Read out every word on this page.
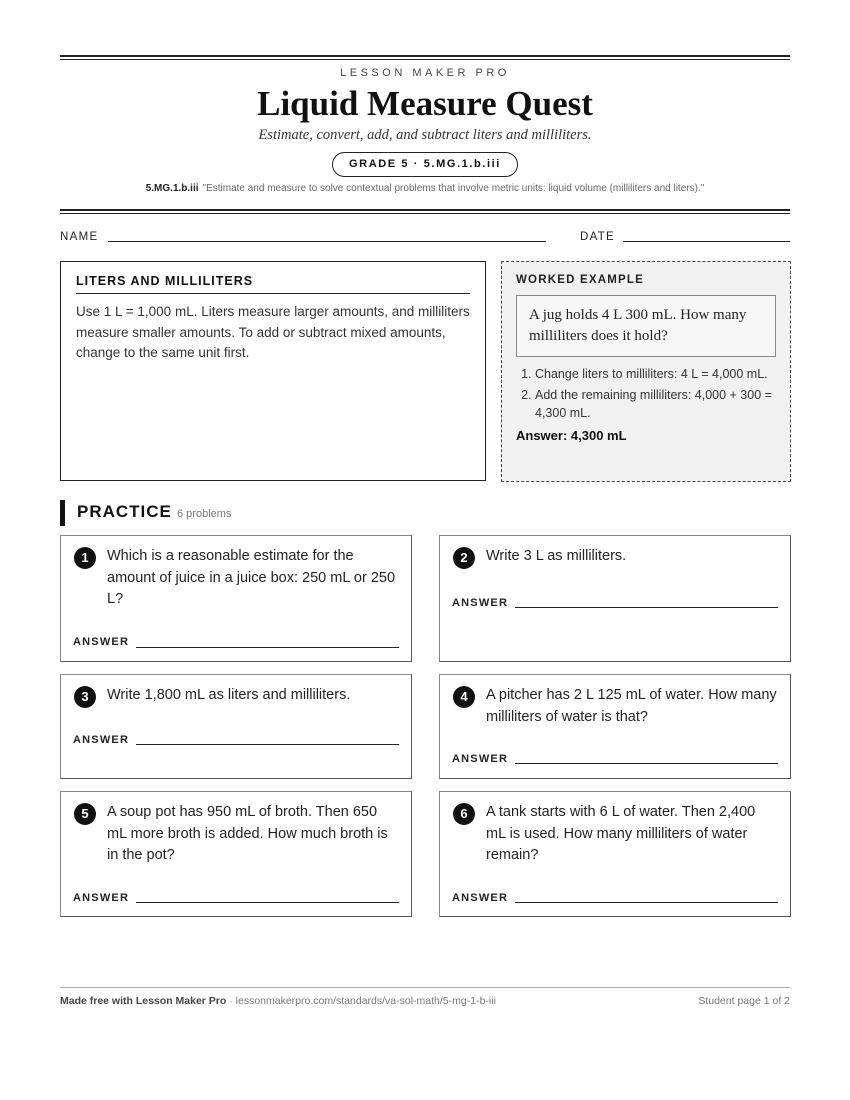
LESSON MAKER PRO
Liquid Measure Quest
Estimate, convert, add, and subtract liters and milliliters.
GRADE 5 · 5.MG.1.b.iii
5.MG.1.b.iii "Estimate and measure to solve contextual problems that involve metric units: liquid volume (milliliters and liters)."
NAME	DATE
LITERS AND MILLILITERS

Use 1 L = 1,000 mL. Liters measure larger amounts, and milliliters measure smaller amounts. To add or subtract mixed amounts, change to the same unit first.

WORKED EXAMPLE
A jug holds 4 L 300 mL. How many milliliters does it hold?
1. Change liters to milliliters: 4 L = 4,000 mL.
2. Add the remaining milliliters: 4,000 + 300 = 4,300 mL.
Answer: 4,300 mL
PRACTICE 6 problems
1	Which is a reasonable estimate for the amount of juice in a juice box: 250 mL or 250 L?
ANSWER
2	Write 3 L as milliliters.
ANSWER
3	Write 1,800 mL as liters and milliliters.
ANSWER
4	A pitcher has 2 L 125 mL of water. How many milliliters of water is that?
ANSWER
5	A soup pot has 950 mL of broth. Then 650 mL more broth is added. How much broth is in the pot?
ANSWER
6	A tank starts with 6 L of water. Then 2,400 mL is used. How many milliliters of water remain?
ANSWER
Made free with Lesson Maker Pro · lessonmakerpro.com/standards/va-sol-math/5-mg-1-b-iii	Student page 1 of 2
